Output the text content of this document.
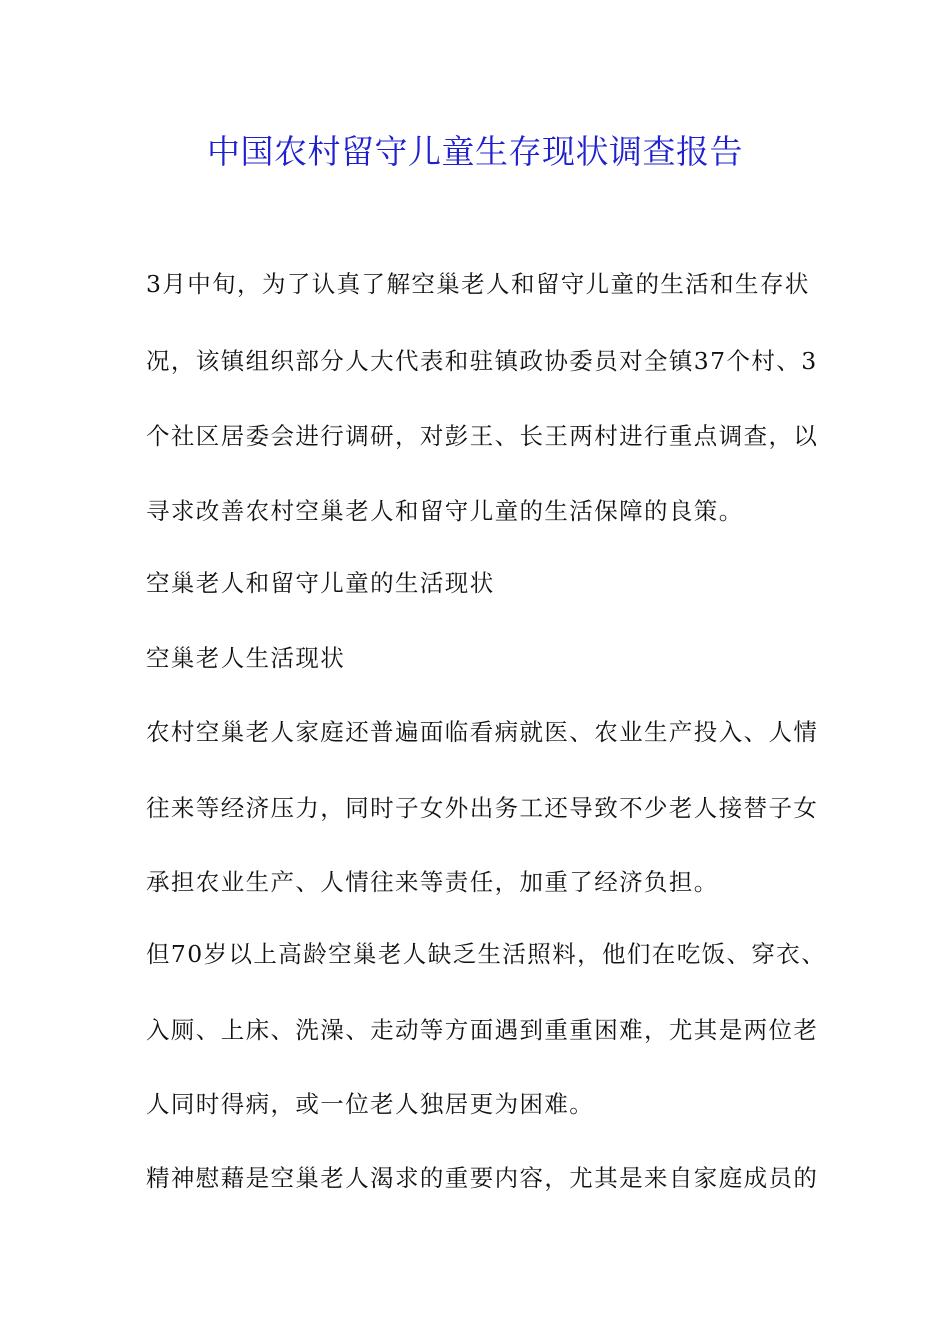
中国农村留守儿童生存现状调查报告
3月中旬，为了认真了解空巢老人和留守儿童的生活和生存状
况，该镇组织部分人大代表和驻镇政协委员对全镇37个村、3
个社区居委会进行调研，对彭王、长王两村进行重点调查，以
寻求改善农村空巢老人和留守儿童的生活保障的良策。
空巢老人和留守儿童的生活现状
空巢老人生活现状
农村空巢老人家庭还普遍面临看病就医、农业生产投入、人情
往来等经济压力，同时子女外出务工还导致不少老人接替子女
承担农业生产、人情往来等责任，加重了经济负担。
但70岁以上高龄空巢老人缺乏生活照料，他们在吃饭、穿衣、
入厕、上床、洗澡、走动等方面遇到重重困难，尤其是两位老
人同时得病，或一位老人独居更为困难。
精神慰藉是空巢老人渴求的重要内容，尤其是来自家庭成员的
